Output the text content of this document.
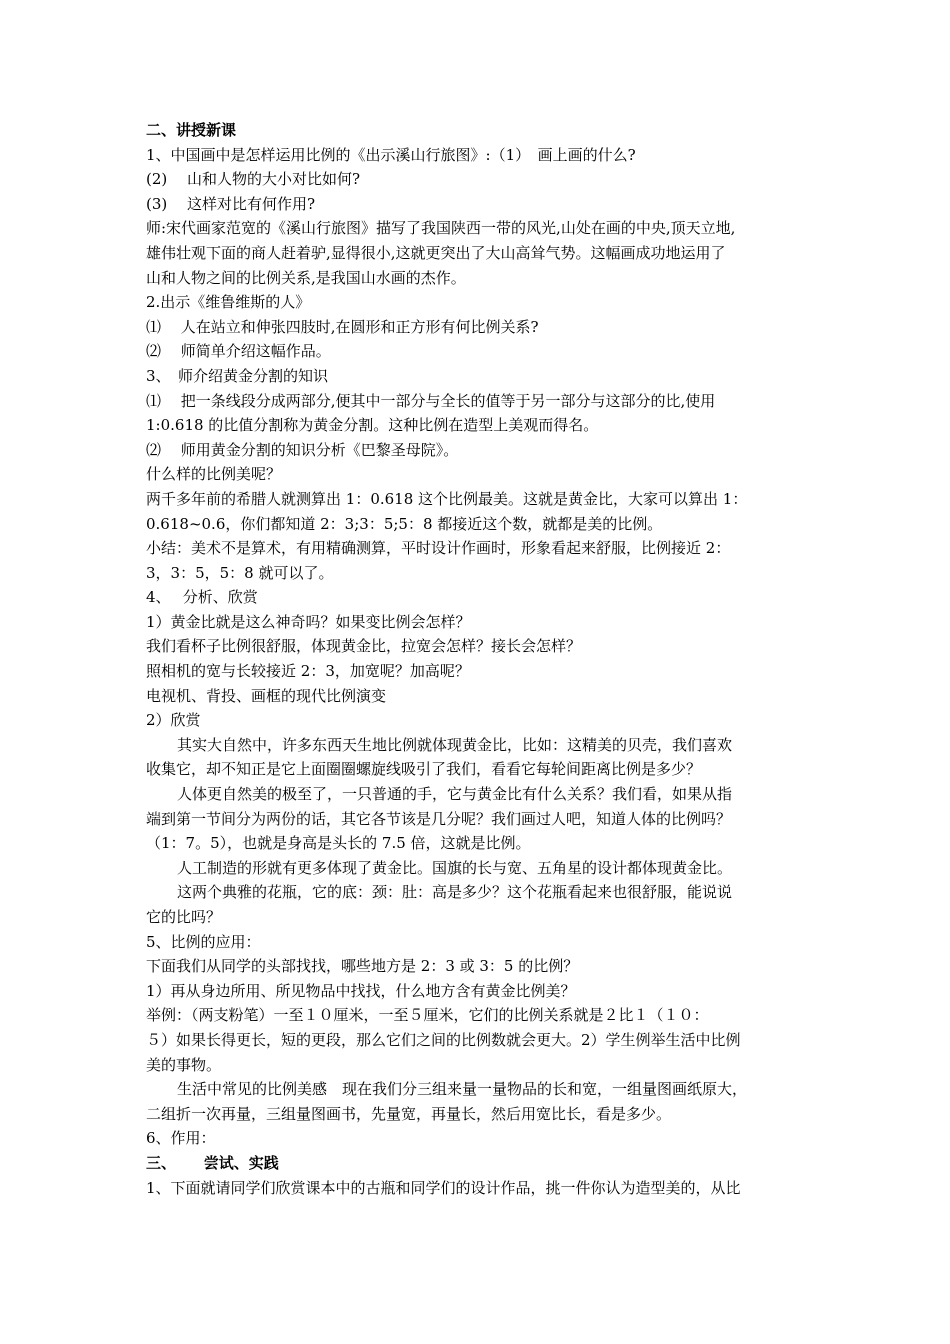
二、讲授新课
1、中国画中是怎样运用比例的《出示溪山行旅图》:（1）　画上画的什么?
(2)　 山和人物的大小对比如何?
(3)　 这样对比有何作用?
师:宋代画家范宽的《溪山行旅图》描写了我国陕西一带的风光,山处在画的中央,顶天立地,
雄伟壮观下面的商人赶着驴,显得很小,这就更突出了大山高耸气势。这幅画成功地运用了
山和人物之间的比例关系,是我国山水画的杰作。
2.出示《维鲁维斯的人》
⑴　 人在站立和伸张四肢时,在圆形和正方形有何比例关系?
⑵　 师简单介绍这幅作品。
3、　师介绍黄金分割的知识
⑴　 把一条线段分成两部分,便其中一部分与全长的值等于另一部分与这部分的比,使用
1:0.618 的比值分割称为黄金分割。这种比例在造型上美观而得名。
⑵　 师用黄金分割的知识分析《巴黎圣母院》。
什么样的比例美呢？
两千多年前的希腊人就测算出 1：0.618 这个比例最美。这就是黄金比，大家可以算出 1：
0.618~0.6，你们都知道 2：3;3：5;5：8 都接近这个数，就都是美的比例。
小结：美术不是算术，有用精确测算，平时设计作画时，形象看起来舒服，比例接近 2：
3，3：5，5：8 就可以了。
4、　 分析、欣赏
1）黄金比就是这么神奇吗？如果变比例会怎样？
我们看杯子比例很舒服，体现黄金比，拉宽会怎样？接长会怎样？
照相机的宽与长较接近 2：3，加宽呢？加高呢？
电视机、背投、画框的现代比例演变
2）欣赏
其实大自然中，许多东西天生地比例就体现黄金比，比如：这精美的贝壳，我们喜欢
收集它，却不知正是它上面圈圈螺旋线吸引了我们，看看它每轮间距离比例是多少？
人体更自然美的极至了，一只普通的手，它与黄金比有什么关系？我们看，如果从指
端到第一节间分为两份的话，其它各节该是几分呢？我们画过人吧，知道人体的比例吗？
（1：7。5），也就是身高是头长的 7.5 倍，这就是比例。
人工制造的形就有更多体现了黄金比。国旗的长与宽、五角星的设计都体现黄金比。
这两个典雅的花瓶，它的底：颈：肚：高是多少？这个花瓶看起来也很舒服，能说说
它的比吗？
5、比例的应用：
下面我们从同学的头部找找，哪些地方是 2：3 或 3：5 的比例？
1）再从身边所用、所见物品中找找，什么地方含有黄金比例美？
举例：（两支粉笔）一至１０厘米，一至５厘米，它们的比例关系就是２比１（１０：
５）如果长得更长，短的更段，那么它们之间的比例数就会更大。2）学生例举生活中比例
美的事物。
生活中常见的比例美感　现在我们分三组来量一量物品的长和宽，一组量图画纸原大，
二组折一次再量，三组量图画书，先量宽，再量长，然后用宽比长，看是多少。
6、作用：
三、　　 尝试、实践
1、下面就请同学们欣赏课本中的古瓶和同学们的设计作品，挑一件你认为造型美的，从比
